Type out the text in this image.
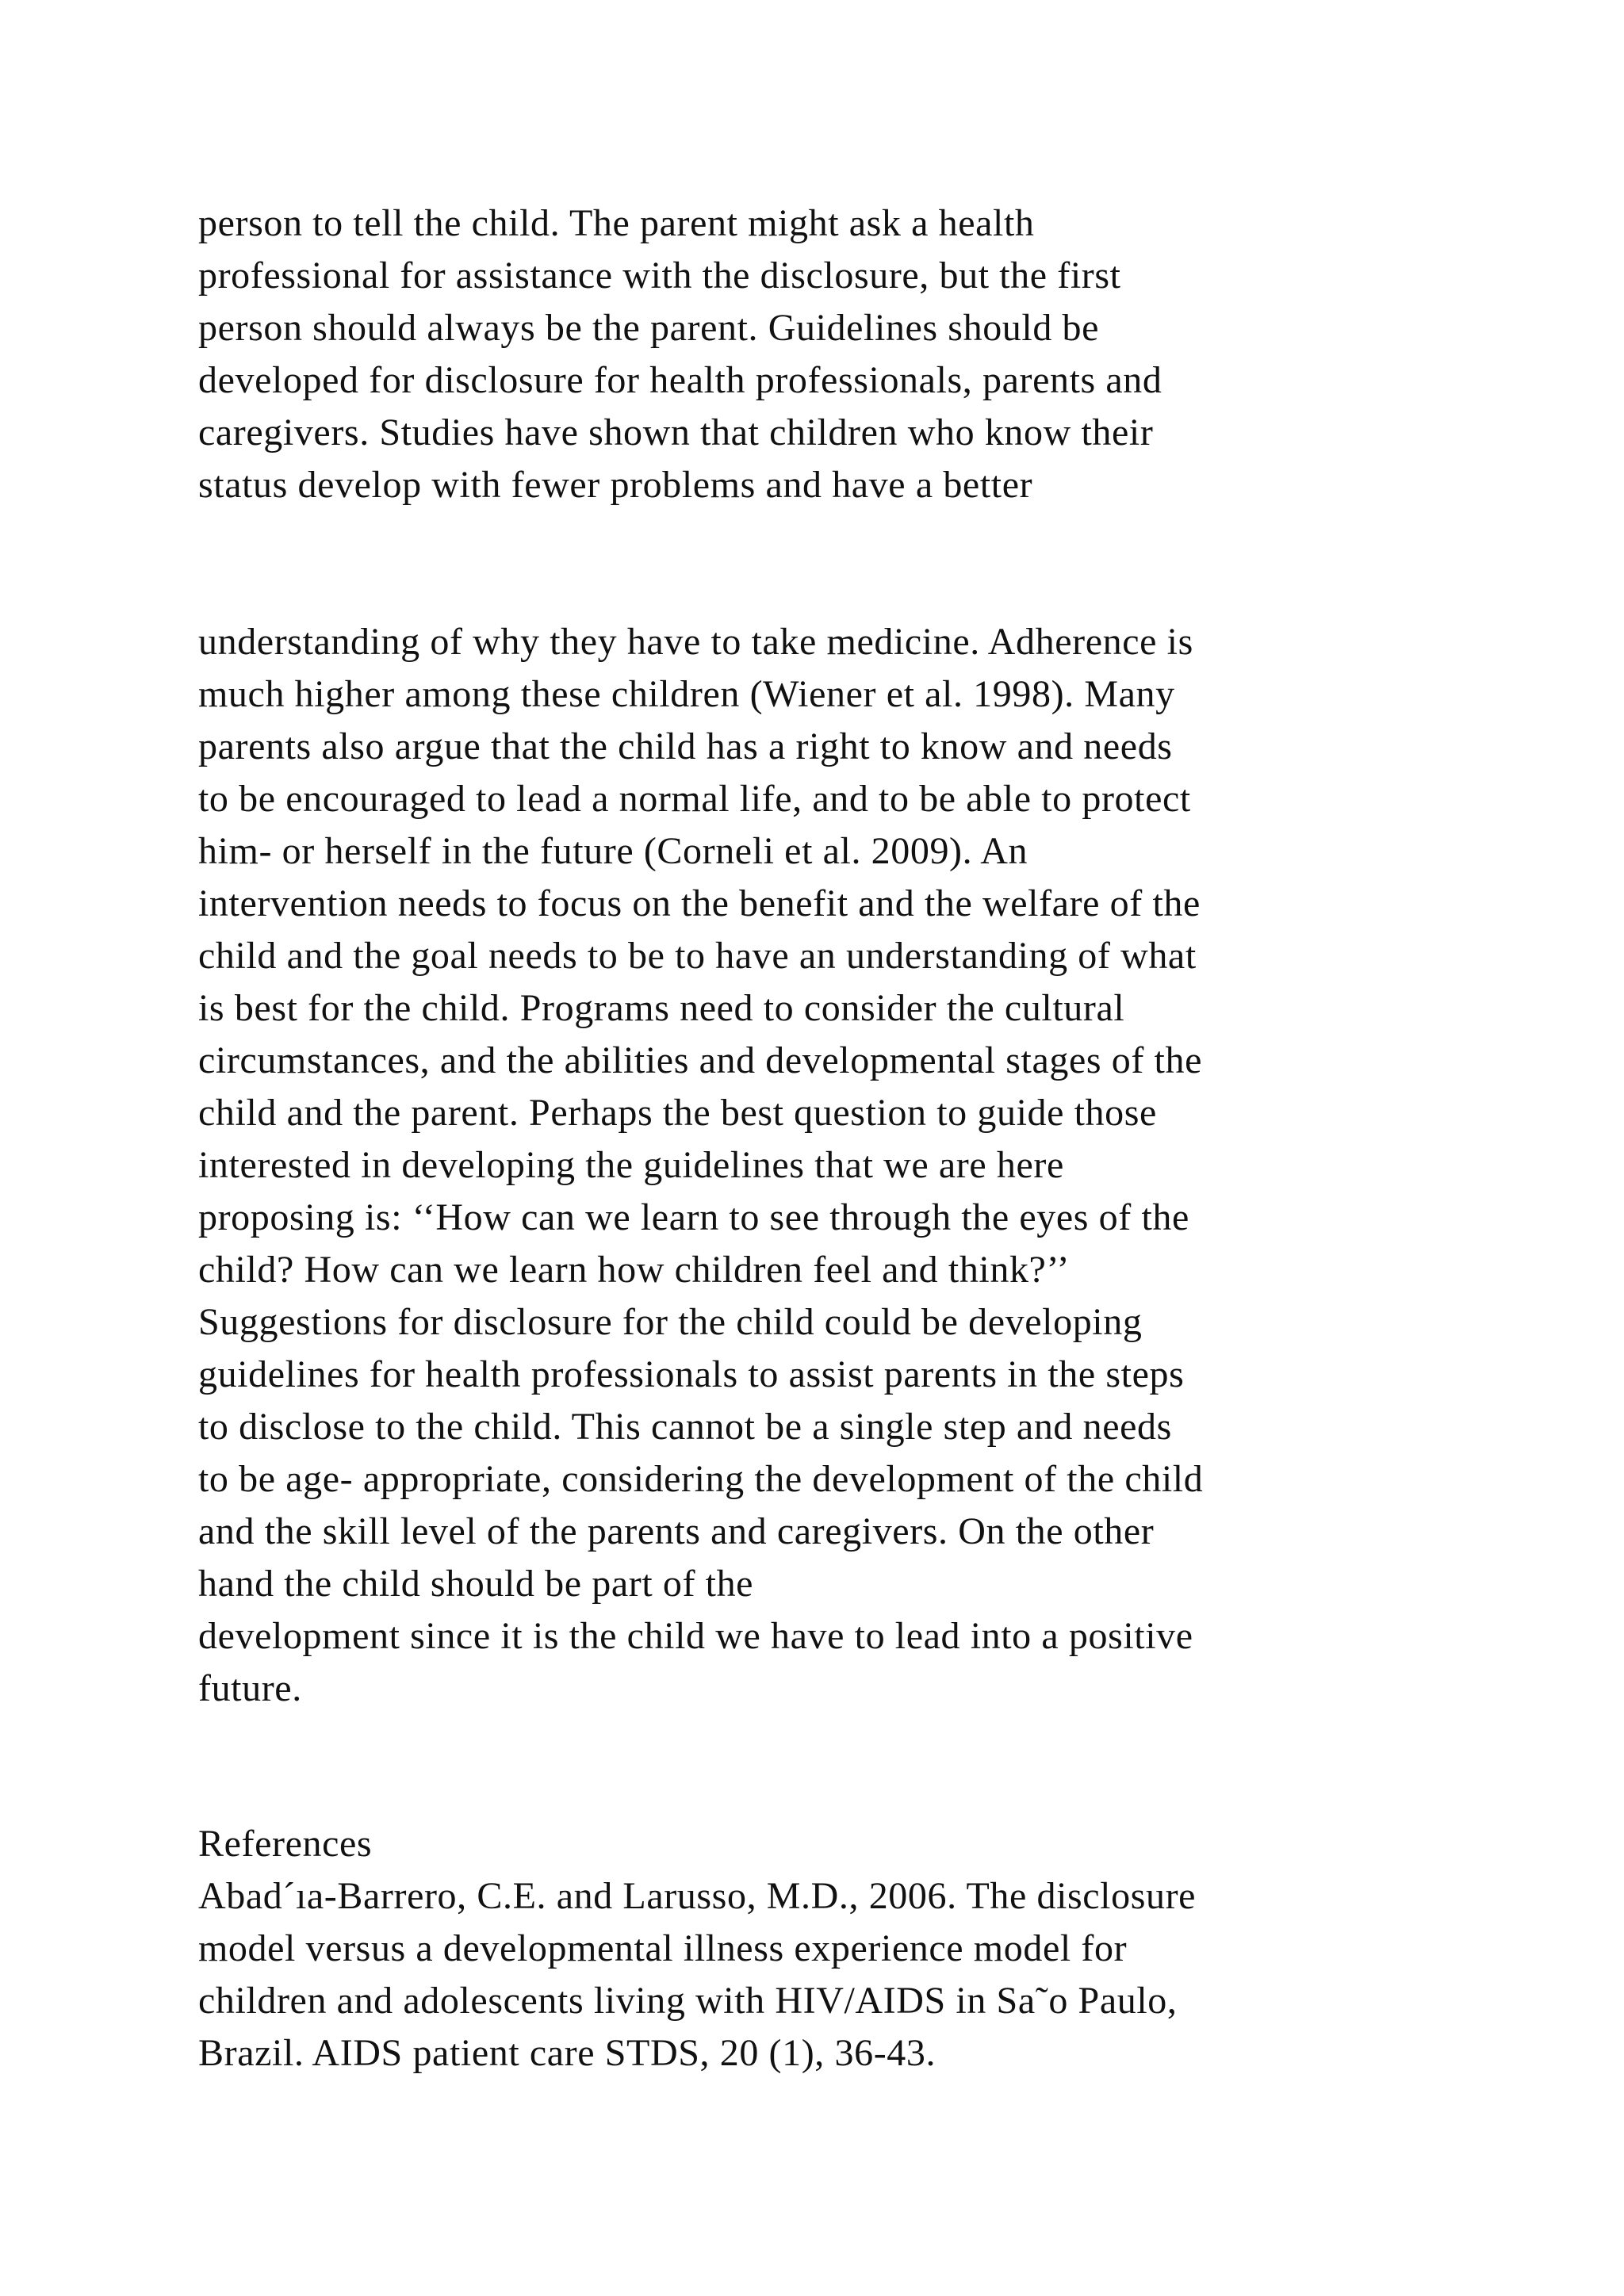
person to tell the child. The parent might ask a health
professional for assistance with the disclosure, but the first
person should always be the parent. Guidelines should be
developed for disclosure for health professionals, parents and
caregivers. Studies have shown that children who know their
status develop with fewer problems and have a better
understanding of why they have to take medicine. Adherence is
much higher among these children (Wiener et al. 1998). Many
parents also argue that the child has a right to know and needs
to be encouraged to lead a normal life, and to be able to protect
him- or herself in the future (Corneli et al. 2009). An
intervention needs to focus on the benefit and the welfare of the
child and the goal needs to be to have an understanding of what
is best for the child. Programs need to consider the cultural
circumstances, and the abilities and developmental stages of the
child and the parent. Perhaps the best question to guide those
interested in developing the guidelines that we are here
proposing is: ‘‘How can we learn to see through the eyes of the
child? How can we learn how children feel and think?’’
Suggestions for disclosure for the child could be developing
guidelines for health professionals to assist parents in the steps
to disclose to the child. This cannot be a single step and needs
to be age- appropriate, considering the development of the child
and the skill level of the parents and caregivers. On the other
hand the child should be part of the
development since it is the child we have to lead into a positive
future.
References
Abad´ıa-Barrero, C.E. and Larusso, M.D., 2006. The disclosure
model versus a developmental illness experience model for
children and adolescents living with HIV/AIDS in Sa˜o Paulo,
Brazil. AIDS patient care STDS, 20 (1), 36-43.
